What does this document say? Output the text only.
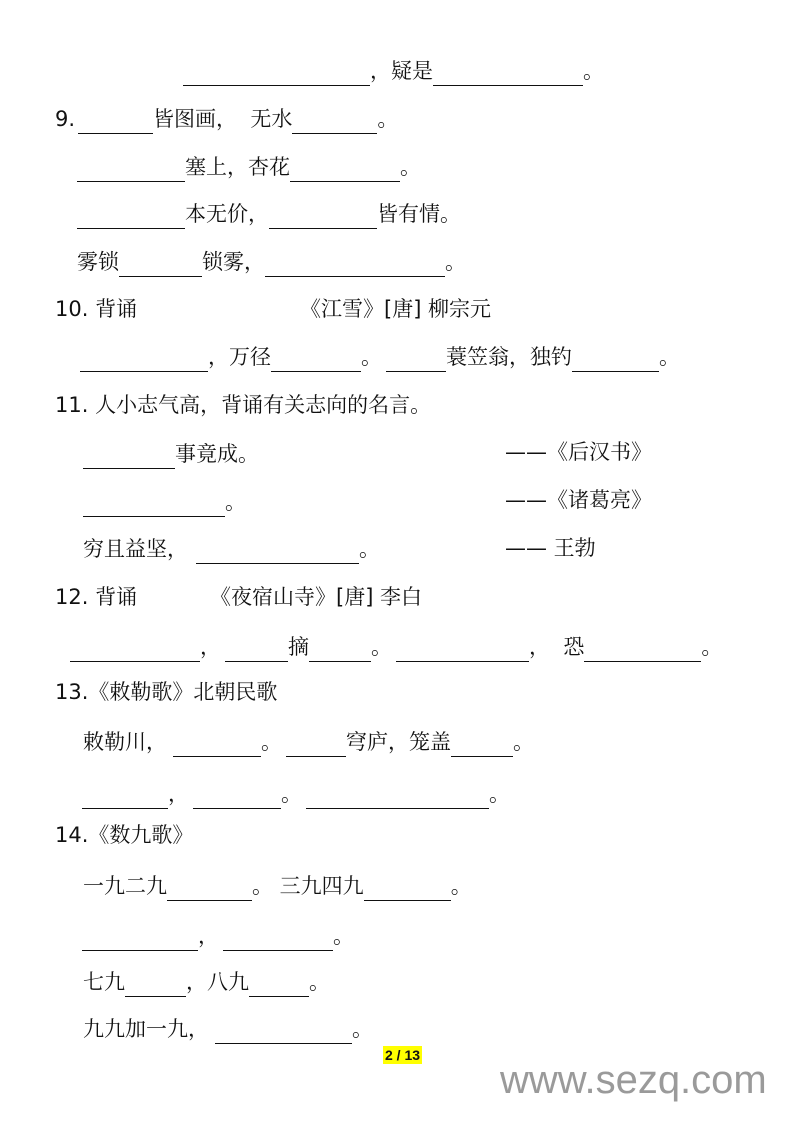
，疑是	。
9.	皆图画，  无水	。
塞上，杏花	。
本无价，	皆有情。
雾锁	锁雾，	。
10. 背诵	《江雪》[唐] 柳宗元
，万径	。	蓑笠翁，独钓	。
11. 人小志气高，背诵有关志向的名言。
事竟成。	——《后汉书》
。	——《诸葛亮》
穷且益坚，	。	—— 王勃
12. 背诵	《夜宿山寺》[唐] 李白
，	摘	。	，  恐	。
13.《敕勒歌》北朝民歌
敕勒川，	。	穹庐，笼盖	。
，	。	。
14.《数九歌》
一九二九	。 三九四九	。
，	。
七九	，八九	。
九九加一九，	。
2 / 13
www.sezq.com
